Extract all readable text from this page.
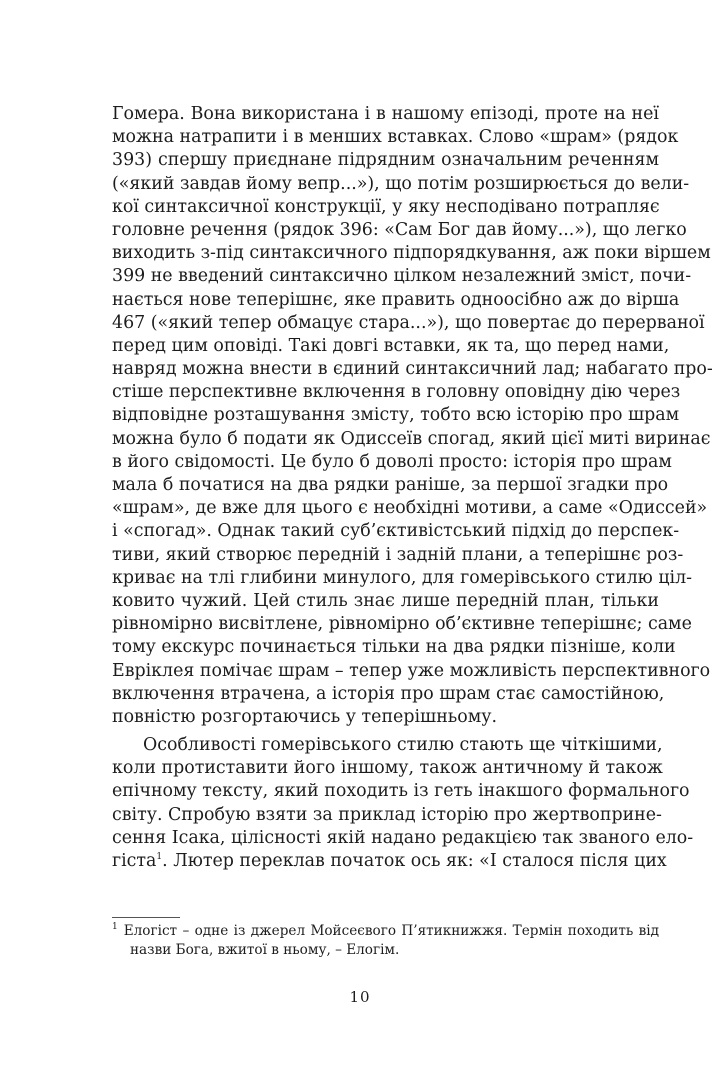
Гомера. Вона використана і в нашому епізоді, проте на неї
можна натрапити і в менших вставках. Слово «шрам» (рядок
393) спершу приєднане підрядним означальним реченням
(«який завдав йому вепр...»), що потім розширюється до вели-
кої синтаксичної конструкції, у яку несподівано потрапляє
головне речення (рядок 396: «Сам Бог дав йому...»), що легко
виходить з-під синтаксичного підпорядкування, аж поки віршем
399 не введений синтаксично цілком незалежний зміст, почи-
нається нове теперішнє, яке править одноосібно аж до вірша
467 («який тепер обмацує стара...»), що повертає до перерваної
перед цим оповіді. Такі довгі вставки, як та, що перед нами,
навряд можна внести в єдиний синтаксичний лад; набагато про-
стіше перспективне включення в головну оповідну дію через
відповідне розташування змісту, тобто всю історію про шрам
можна було б подати як Одиссеїв спогад, який цієї миті виринає
в його свідомості. Це було б доволі просто: історія про шрам
мала б початися на два рядки раніше, за першої згадки про
«шрам», де вже для цього є необхідні мотиви, а саме «Одиссей»
і «спогад». Однак такий суб’єктивістський підхід до перспек-
тиви, який створює передній і задній плани, а теперішнє роз-
криває на тлі глибини минулого, для гомерівського стилю ціл-
ковито чужий. Цей стиль знає лише передній план, тільки
рівномірно висвітлене, рівномірно об’єктивне теперішнє; саме
тому екскурс починається тільки на два рядки пізніше, коли
Евріклея помічає шрам – тепер уже можливість перспективного
включення втрачена, а історія про шрам стає самостійною,
повністю розгортаючись у теперішньому.
Особливості гомерівського стилю стають ще чіткішими,
коли протиставити його іншому, також античному й також
епічному тексту, який походить із геть інакшого формального
світу. Спробую взяти за приклад історію про жертвоприне-
сення Ісака, цілісності якій надано редакцією так званого ело-
гіста$^1$. Лютер переклав початок ось як: «І сталося після цих
$^1$ Елогіст – одне із джерел Мойсеєвого П’ятикнижжя. Термін походить від
назви Бога, вжитої в ньому, – Елогім.
10
